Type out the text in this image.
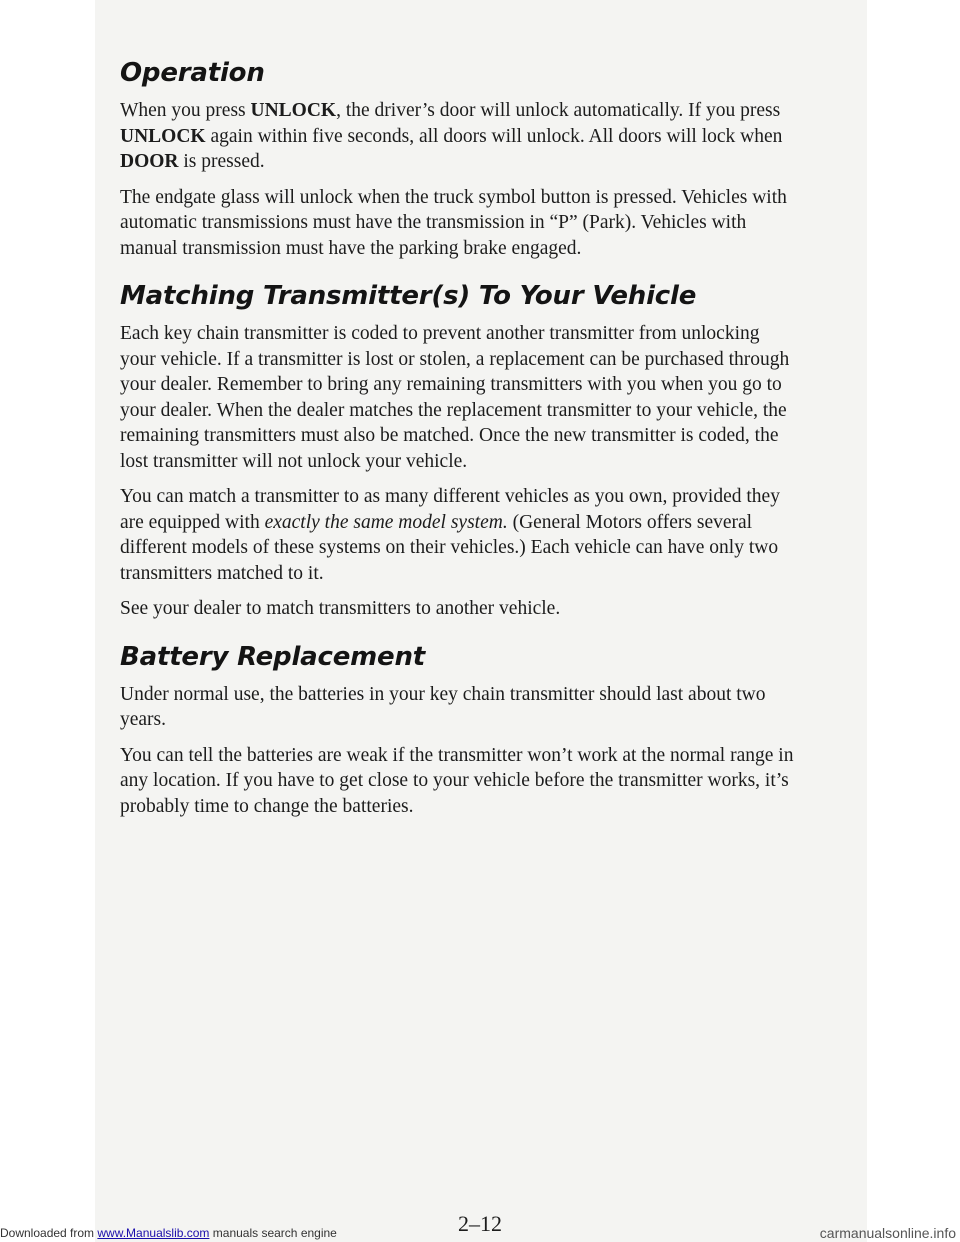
Operation

When you press UNLOCK, the driver’s door will unlock automatically. If you press UNLOCK again within five seconds, all doors will unlock. All doors will lock when DOOR is pressed.

The endgate glass will unlock when the truck symbol button is pressed. Vehicles with automatic transmissions must have the transmission in “P” (Park). Vehicles with manual transmission must have the parking brake engaged.

Matching Transmitter(s) To Your Vehicle

Each key chain transmitter is coded to prevent another transmitter from unlocking your vehicle. If a transmitter is lost or stolen, a replacement can be purchased through your dealer. Remember to bring any remaining transmitters with you when you go to your dealer. When the dealer matches the replacement transmitter to your vehicle, the remaining transmitters must also be matched. Once the new transmitter is coded, the lost transmitter will not unlock your vehicle.

You can match a transmitter to as many different vehicles as you own, provided they are equipped with exactly the same model system. (General Motors offers several different models of these systems on their vehicles.) Each vehicle can have only two transmitters matched to it.

See your dealer to match transmitters to another vehicle.

Battery Replacement

Under normal use, the batteries in your key chain transmitter should last about two years.

You can tell the batteries are weak if the transmitter won’t work at the normal range in any location. If you have to get close to your vehicle before the transmitter works, it’s probably time to change the batteries.

2–12
Downloaded from www.Manualslib.com manuals search engine	carmanualsonline.info
